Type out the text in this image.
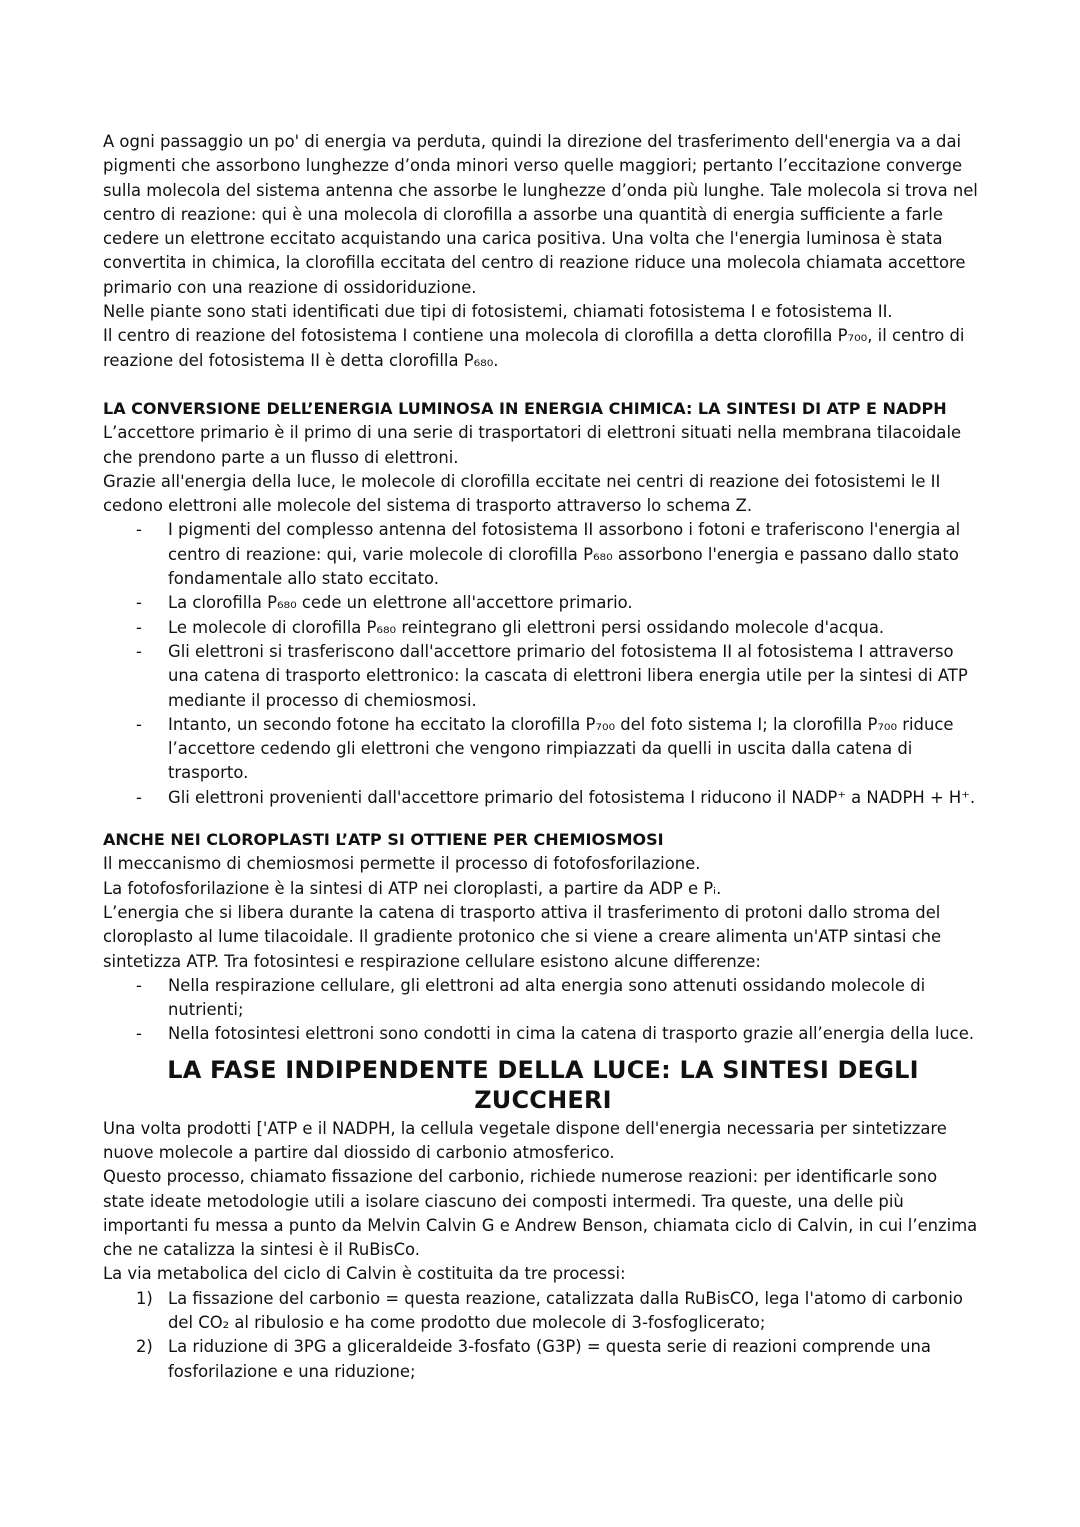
A ogni passaggio un po' di energia va perduta, quindi la direzione del trasferimento dell'energia va a dai pigmenti che assorbono lunghezze d’onda minori verso quelle maggiori; pertanto l’eccitazione converge sulla molecola del sistema antenna che assorbe le lunghezze d’onda più lunghe. Tale molecola si trova nel centro di reazione: qui è una molecola di clorofilla a assorbe una quantità di energia sufficiente a farle cedere un elettrone eccitato acquistando una carica positiva. Una volta che l'energia luminosa è stata convertita in chimica, la clorofilla eccitata del centro di reazione riduce una molecola chiamata accettore primario con una reazione di ossidoriduzione.

Nelle piante sono stati identificati due tipi di fotosistemi, chiamati fotosistema I e fotosistema II.

Il centro di reazione del fotosistema I contiene una molecola di clorofilla a detta clorofilla P₇₀₀, il centro di reazione del fotosistema II è detta clorofilla P₆₈₀.

LA CONVERSIONE DELL’ENERGIA LUMINOSA IN ENERGIA CHIMICA: LA SINTESI DI ATP E NADPH

L’accettore primario è il primo di una serie di trasportatori di elettroni situati nella membrana tilacoidale che prendono parte a un flusso di elettroni.

Grazie all'energia della luce, le molecole di clorofilla eccitate nei centri di reazione dei fotosistemi le II cedono elettroni alle molecole del sistema di trasporto attraverso lo schema Z.

- I pigmenti del complesso antenna del fotosistema II assorbono i fotoni e traferiscono l'energia al centro di reazione: qui, varie molecole di clorofilla P₆₈₀ assorbono l'energia e passano dallo stato fondamentale allo stato eccitato.
- La clorofilla P₆₈₀ cede un elettrone all'accettore primario.
- Le molecole di clorofilla P₆₈₀ reintegrano gli elettroni persi ossidando molecole d'acqua.
- Gli elettroni si trasferiscono dall'accettore primario del fotosistema II al fotosistema I attraverso una catena di trasporto elettronico: la cascata di elettroni libera energia utile per la sintesi di ATP mediante il processo di chemiosmosi.
- Intanto, un secondo fotone ha eccitato la clorofilla P₇₀₀ del foto sistema I; la clorofilla P₇₀₀ riduce l’accettore cedendo gli elettroni che vengono rimpiazzati da quelli in uscita dalla catena di trasporto.
- Gli elettroni provenienti dall'accettore primario del fotosistema I riducono il NADP⁺ a NADPH + H⁺.
ANCHE NEI CLOROPLASTI L’ATP SI OTTIENE PER CHEMIOSMOSI

Il meccanismo di chemiosmosi permette il processo di fotofosforilazione.

La fotofosforilazione è la sintesi di ATP nei cloroplasti, a partire da ADP e Pᵢ.

L’energia che si libera durante la catena di trasporto attiva il trasferimento di protoni dallo stroma del cloroplasto al lume tilacoidale. Il gradiente protonico che si viene a creare alimenta un'ATP sintasi che sintetizza ATP. Tra fotosintesi e respirazione cellulare esistono alcune differenze:

- Nella respirazione cellulare, gli elettroni ad alta energia sono attenuti ossidando molecole di nutrienti;
- Nella fotosintesi elettroni sono condotti in cima la catena di trasporto grazie all’energia della luce.
LA FASE INDIPENDENTE DELLA LUCE: LA SINTESI DEGLI ZUCCHERI

Una volta prodotti ['ATP e il NADPH, la cellula vegetale dispone dell'energia necessaria per sintetizzare nuove molecole a partire dal diossido di carbonio atmosferico.

Questo processo, chiamato fissazione del carbonio, richiede numerose reazioni: per identificarle sono state ideate metodologie utili a isolare ciascuno dei composti intermedi. Tra queste, una delle più importanti fu messa a punto da Melvin Calvin G e Andrew Benson, chiamata ciclo di Calvin, in cui l’enzima che ne catalizza la sintesi è il RuBisCo.

La via metabolica del ciclo di Calvin è costituita da tre processi:

1) La fissazione del carbonio = questa reazione, catalizzata dalla RuBisCO, lega l'atomo di carbonio del CO₂ al ribulosio e ha come prodotto due molecole di 3-fosfoglicerato;
2) La riduzione di 3PG a gliceraldeide 3-fosfato (G3P) = questa serie di reazioni comprende una fosforilazione e una riduzione;
